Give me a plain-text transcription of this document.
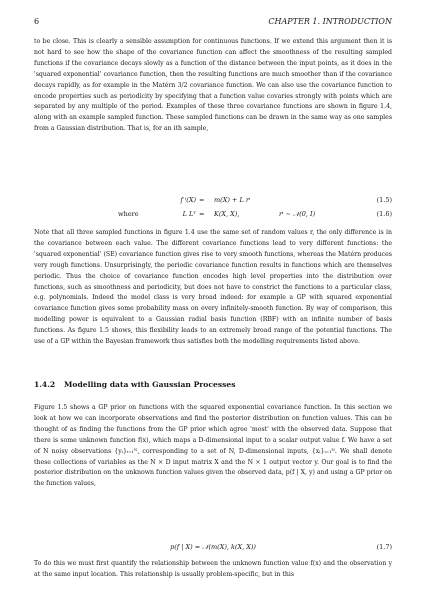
6	CHAPTER 1. INTRODUCTION

to be close. This is clearly a sensible assumption for continuous functions. If we extend this argument then it is not hard to see how the shape of the covariance function can affect the smoothness of the resulting sampled functions if the covariance decays slowly as a function of the distance between the input points, as it does in the 'squared exponential' covariance function, then the resulting functions are much smoother than if the covariance decays rapidly, as for example in the Matérn 3/2 covariance function. We can also use the covariance function to encode properties such as periodicity by specifying that a function value covaries strongly with points which are separated by any multiple of the period. Examples of these three covariance functions are shown in figure 1.4, along with an example sampled function. These sampled functions can be drawn in the same way as one samples from a Gaussian distribution. That is, for an ith sample,

f ⁱ(X) = m(X) + L rⁱ	(1.5)
where	L Lᵀ = K(X, X),	rⁱ ∼ 𝒩(0, I)	(1.6)

Note that all three sampled functions in figure 1.4 use the same set of random values r, the only difference is in the covariance between each value. The different covariance functions lead to very different functions: the 'squared exponential' (SE) covariance function gives rise to very smooth functions, whereas the Matérn produces very rough functions. Unsurprisingly, the periodic covariance function results in functions which are themselves periodic. Thus the choice of covariance function encodes high level properties into the distribution over functions, such as smoothness and periodicity, but does not have to constrict the functions to a particular class, e.g. polynomials. Indeed the model class is very broad indeed: for example a GP with squared exponential covariance function gives some probability mass on every infinitely-smooth function. By way of comparison, this modelling power is equivalent to a Gaussian radial basis function (RBF) with an infinite number of basis functions. As figure 1.5 shows, this flexibility leads to an extremely broad range of the potential functions. The use of a GP within the Bayesian framework thus satisfies both the modelling requirements listed above.

1.4.2 Modelling data with Gaussian Processes

Figure 1.5 shows a GP prior on functions with the squared exponential covariance function. In this section we look at how we can incorporate observations and find the posterior distribution on function values. This can be thought of as finding the functions from the GP prior which agree 'most' with the observed data. Suppose that there is some unknown function f(x), which maps a D-dimensional input to a scalar output value f. We have a set of N noisy observations {yᵢ}ᵢ₌₁ᴺ, corresponding to a set of N, D-dimensional inputs, {xᵢ}ᵢ₌₁ᴺ. We shall denote these collections of variables as the N × D input matrix X and the N × 1 output vector y. Our goal is to find the posterior distribution on the unknown function values given the observed data, p(f | X, y) and using a GP prior on the function values,

p(f | X) = 𝒩(m(X), k(X, X))	(1.7)

To do this we must first quantify the relationship between the unknown function value f(x) and the observation y at the same input location. This relationship is usually problem-specific, but in this
